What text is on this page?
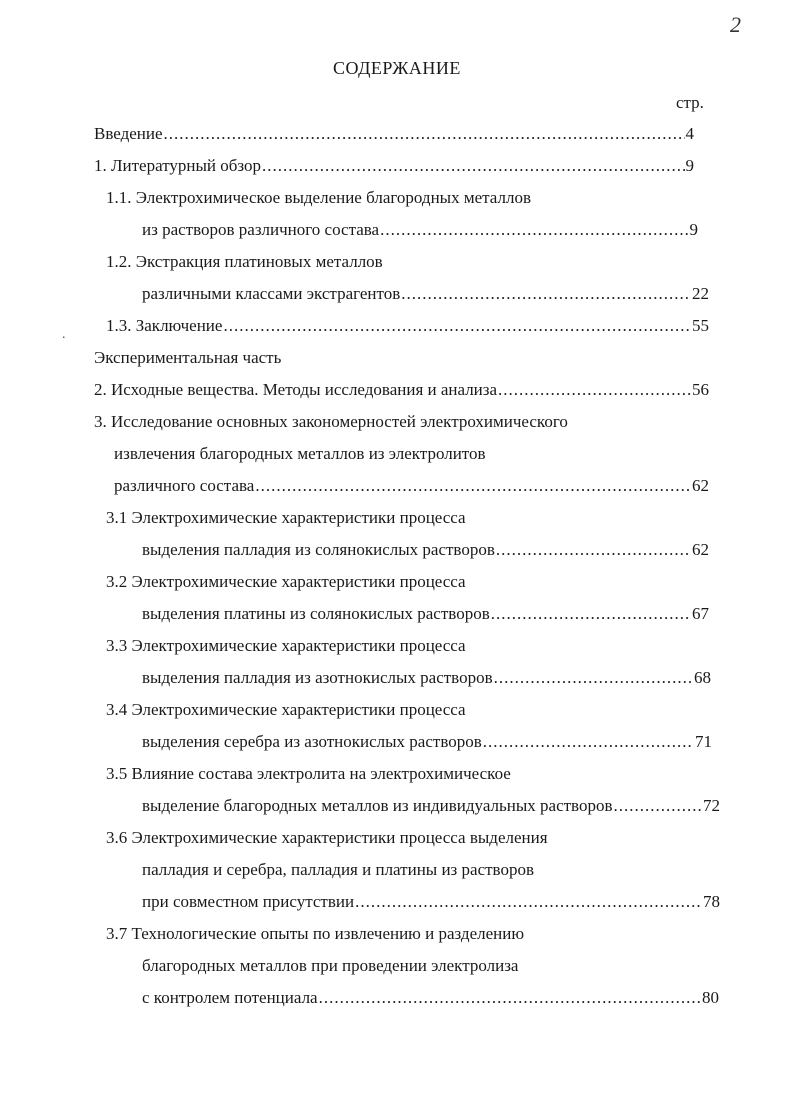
2
СОДЕРЖАНИЕ
стр.
.
Введение .....	4
1. Литературный обзор .....	9
1.1. Электрохимическое выделение благородных металлов
из растворов различного состава .....	9
1.2. Экстракция платиновых металлов
различными классами экстрагентов .....	22
1.3. Заключение .....	55
Экспериментальная часть
2. Исходные вещества. Методы исследования и анализа .....	56
3. Исследование основных закономерностей электрохимического
извлечения благородных металлов из электролитов
различного состава .....	62
3.1 Электрохимические характеристики процесса
выделения палладия из солянокислых растворов .....	62
3.2 Электрохимические характеристики процесса
выделения платины из солянокислых растворов .....	67
3.3 Электрохимические характеристики процесса
выделения палладия из азотнокислых растворов .....	68
3.4 Электрохимические характеристики процесса
выделения серебра из азотнокислых растворов .....	71
3.5 Влияние состава электролита на электрохимическое
выделение благородных металлов из индивидуальных растворов .....	72
3.6 Электрохимические характеристики процесса выделения
палладия и серебра, палладия и платины из растворов
при совместном присутствии .....	78
3.7 Технологические опыты по извлечению и разделению
благородных металлов при проведении электролиза
с контролем потенциала .....	80
